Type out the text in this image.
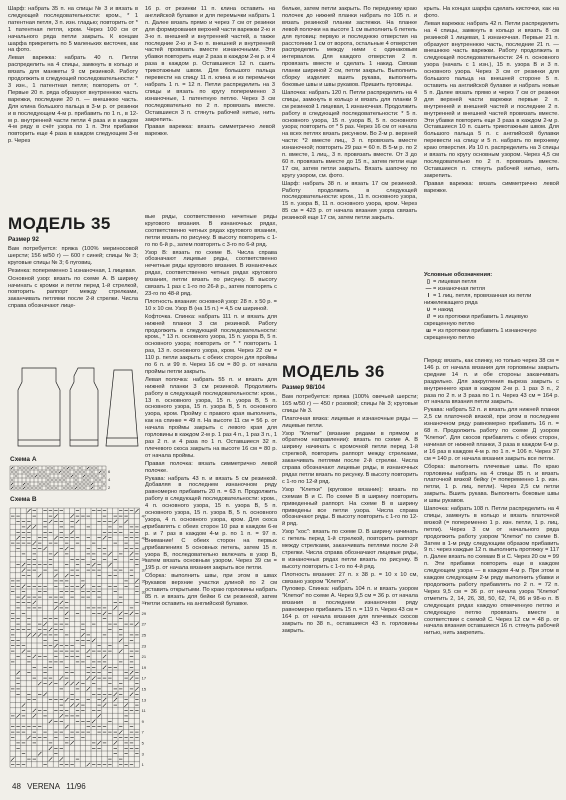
Шарф: набрать 35 п. на спицы № 3 и вязать в следующей последовательности: кром., * 1 патентная петля, 3 п. изн. гладью; повторить от * 1 патентная петля, кром. Через 100 см от начального ряда петли закрыть. К концам шарфа прикрепить по 5 маленьких кисточек, как на фото.

Левая варежка: набрать 40 п. Петли распределить на 4 спицы, замкнуть в кольцо и вязать для манжеты 9 см резинкой. Работу продолжить в следующей последовательности: * 3 изн., 1 патентная петля; повторить от *. Первые 20 п. ряда образуют внутреннюю часть варежки, последние 20 п. — внешнюю часть. Для клина большого пальца в 3-м р. от резинки и в последующем 4-м р. прибавить по 1 п., в 12-м р. внутренней части петли 4 раза и в каждом 4-м ряду в счёт узора по 1 п. Эти прибавки повторить еще 4 раза в каждом следующем 3-м р. Через

16 р. от резинки 11 п. клина оставить на английской булавке и для перемычки набрать 1 п. Далее вязать прямо и через 7 см от резинки для формирования верхней части варежки 2-ю и 3-ю п. внешней и внутренней частей, а также последние 2-ю и 3-ю п. внешней и внутренней частей провязать вместе изнаночными. Эти убавки повторить еще 2 раза в каждом 2-м р. и 4 раза в каждом р. Оставшиеся 12 п. сшить трикотажным швом. Для большого пальца перевести на спицу 11 п. клина и из перемычки набрать 1 п. = 12 п. Петли распределить на 3 спицы и вязать по кругу попеременно 3 изнаночные, 1 патентную петлю. Через 3 см последовательно по 2 п. провязать вместе. Оставшиеся 3 п. стянуть рабочей нитью, нить закрепить.

Правая варежка: вязать симметрично левой варежке.

бельке, затем петли закрыть. По переднему краю полочек до нижней планки набрать по 105 п. и вязать резинкой планки застежки. На планке левой полочки на высоте 1 см выполнить 6 петель для пуговиц: первую и последнюю отверстия на расстоянии 1 см от ворота, остальные 4 отверстия распределить между ними с одинаковым интервалом. Для каждого отверстия 2 п. провязать вместе и сделать 1 накид. Связав планки шириной 2 см, петли закрыть. Выполнить сборку изделия: вшить рукава, выполнить боковые швы и швы рукавов. Пришить пуговицы.

Шапочка: набрать 120 п. Петли распределить на 4 спицы, замкнуть в кольцо и вязать для планки 9 см резинкой 1 лицевая, 1 изнаночная. Продолжить работу в следующей последовательности: * 5 п. основного узора, 15 п. узора В, 5 п. основного узора; повторить от * 5 раз. Через 16 см от начала на всех петлях вязать рисунком. Во 2-м р. верхней части: *2 вместе лиц., 3 п. провязать вместе изнаночной; повторить 29 раз = 60 п. В 5-м р. по 2 п. вместе, 1 лиц., 3 п. провязать вместе. От 3 до 60 п. провязать вместе до 15 п., затем петли еще 17 см, затем петли закрыть. Вязать шапочку по кругу узором, см. фото.

Шарф: набрать 38 п. и вязать 17 см резинкой. Работу продолжить в следующей последовательности: кром., 11 п. основного узора, 15 п. узора В, 11 п. основного узора, кром. Через 85 см = 423 р. от начала вязания узора связать резинкой еще 17 см, затем петли закрыть.

крыть. На концах шарфа сделать кисточки, как на фото.

Левая варежка: набрать 42 п. Петли распределить на 4 спицы, замкнуть в кольцо и вязать 8 см резинкой 1 лицевая, 1 изнаночная. Первые 21 п. образуют внутреннюю часть, последние 21 п. — внешнюю часть варежки. Работу продолжить в следующей последовательности: 24 п. основного узора (начать с 1 изн.), 15 п. узора В и 3 п. основного узора. Через 3 см от резинки для большого пальца на внешней стороне 5 п. оставить на английской булавке и набрать новые 5 п. Далее вязать прямо и через 7 см от резинки для верхней части варежки первые 2 п. внутренней и внешней частей и последние 2 п. внутренней и внешней частей провязать вместе. Эти убавки повторить еще 3 раза в каждом 2-м р. Оставшиеся 10 п. сшить трикотажным швом. Для большого пальца 5 п. с английской булавки перевести на спицу и 5 п. набрать по верхнему краю отверстия. Из 10 п. распределить на 3 спицы и вязать по кругу основным узором. Через 4,5 см последовательно по 2 п. провязать вместе. Оставшиеся п. стянуть рабочей нитью, нить закрепить.

Правая варежка: вязать симметрично левой варежке.

Условные обозначения:
▯ = лицевая петля
— = изнаночная петля
I = 1 лиц. петля, провязанная из петли нижележащего ряда
∪ = накид
// = из протяжки прибавить 1 лицевую скрещенную петлю
ш = из протяжки прибавить 1 изнаночную скрещенную петлю
МОДЕЛЬ 35
Размер 92

Вам потребуется: пряжа (100% мериносовой шерсти; 156 м/50 г) — 600 г синей; спицы № 3; круговые спицы № 3; 6 пуговиц.

Резинка: попеременно 1 изнаночная, 1 лицевая.

Основной узор: вязать по схеме А. В ширину начинать с кромки и петли перед 1-й стрелкой, повторить раппорт между стрелками, заканчивать петлями после 2-й стрелки. Числа справа обозначают лице-

Схема А
2
4
6
Схема В
1
3
5
7
9
11
13
15
17
19
21
23
25
27
29
31
33
35
37
39
41
43
45
47

вые ряды, соответственно нечетные ряды кругового вязания. В изнаночных рядах, соответственно четных рядах кругового вязания, петли вязать по рисунку. В высоту повторить с 1-го по 6-й р., затем повторять с 3-го по 6-й ряд.

Узор В: вязать по схеме В. Числа справа обозначают лицевые ряды, соответственно нечетные ряды кругового вязания. В изнаночных рядах, соответственно четных рядах кругового вязания, петли вязать по рисунку. В высоту связать 1 раз с 1-го по 26-й р., затем повторять с 23-го по 48-й ряд.

Плотность вязания: основной узор: 28 п. x 50 р. = 10 x 10 см. Узор В (на 15 п.) = 4,5 см шириной.

Кофточка. Спинка: набрать 111 п. и вязать для нижней планки 3 см резинкой. Работу продолжить в следующей последовательности: кром., * 13 п. основного узора, 15 п. узора В, 5 п. основного узора; повторить от * * повторить 1 раз, 13 п. основного узора, кром. Через 22 см = 110 р. петли закрыть с обеих сторон для проймы по 6 п. и 99 п. Через 16 см = 80 р. от начала проймы петли закрыть.

Левая полочка: набрать 55 п. и вязать для нижней планки 3 см резинкой. Продолжить работу в следующей последовательности: кром., 13 п. основного узора, 15 п. узора В, 5 п. основного узора, 15 п. узора В, 5 п. основного узора, кром. Пройму с правого края выполнить, как на спинке = 49 п. На высоте 11 см = 56 р. от начала проймы закрыть с левого края для горловины в каждом 2-м р. 1 раз 4 п., 1 раз 3 п., 1 раз 2 п. и 4 раза по 1 п. Оставшиеся 32 п. плечевого скоса закрыть на высоте 16 см = 80 р. от начала проймы.

Правая полочка: вязать симметрично левой полочке.

Рукава: набрать 43 п. и вязать 5 см резинкой. Добавляя в последнем изнаночном ряду равномерно прибавить 20 п. = 63 п. Продолжить работу в следующей последовательности: кром., 4 п. основного узора, 15 п. узора В, 5 п. основного узора, 15 п. узора В, 5 п. основного узора, 4 п. основного узора, кром. Для скоса прибавлять с обеих сторон 10 раз в каждом 6-м р. и 7 раз в каждом 4-м р. по 1 п. = 97 п. Внимание! С обеих сторон на первых прибавлениях 5 основных петель, затем 15 п. узора В, последовательно включать в узор В, затем вязать основным узором. Через 39 см = 195 р. от начала вязания закрыть все петли.

Сборка: выполнить швы, при этом в швах рукавов верхние участки длиной по 2 см оставить открытыми. По краю горловины набрать 85 п. и вязать для бейки 6 см резинкой, затем петли оставить на английской булавке.

МОДЕЛЬ 36
Размер 98/104

Вам потребуется: пряжа (100% овечьей шерсти; 165 м/50 г) — 450 г розовой; спицы № 3; круговые спицы № 3.

Платочная вязка: лицевые и изнаночные ряды — лицевые петли.

Узор "Клетки" (вязание рядами в прямом и обратном направлении): вязать по схеме А. В ширину начинать с кромочной петли перед 1-й стрелкой, повторить раппорт между стрелками, заканчивать петлями после 2-й стрелки. Числа справа обозначают лицевые ряды, в изнаночных рядах петли вязать по рисунку. В высоту повторить с 1-го по 12-й ряд.

Узор "Клетки" (круговое вязание): вязать по схемам В и С. По схеме В в ширину повторить приведенный раппорт. На схеме В в ширину приведены все петли узора. Числа справа обозначают ряды. В высоту повторить с 1-го по 12-й ряд.

Узор "кос": вязать по схеме D. В ширину начинать с петель перед 1-й стрелкой, повторить раппорт между стрелками, заканчивать петлями после 2-й стрелки. Числа справа обозначают лицевые ряды, в изнаночных рядах петли вязать по рисунку. В высоту повторить с 1-го по 4-й ряд.

Плотность вязания: 27 п. x 38 р. = 10 x 10 см, связано узором "Клетки".

Пуловер. Спинка: набрать 104 п. и вязать узором "Клетки" по схеме А. Через 9,5 см = 36 р. от начала вязания в последнем изнаночном ряду равномерно прибавить 15 п. = 119 п. Через 43 см = 164 р. от начала вязания для плечевых скосов закрыть по 38 п., оставшиеся 43 п. горловины закрыть.

Перед: вязать, как спинку, но только через 38 см = 146 р. от начала вязания для горловины закрыть средние 14 п. и обе стороны заканчивать раздельно. Для закругления выреза закрыть с внутреннего края в каждом 2-м р. 1 раз 3 п., 2 раза по 2 п. и 3 раза по 1 п. Через 43 см = 164 р. от начала вязания петли закрыть.

Рукава: набрать 52 п. и вязать для нижней планки 2,5 см платочной вязкой, при этом в последнем изнаночном ряду равномерно прибавить 16 п. = 68 п. Продолжить работу по схеме Д узором "Клетки". Для скосов прибавлять с обеих сторон, начиная от нижней планки, 3 раза в каждом 6-м р. и 16 раз в каждом 4-м р. по 1 п. = 106 п. Через 37 см = 140 р. от начала вязания закрыть все петли.

Сборка: выполнить плечевые швы. По краю горловины набрать на 4 спицы 85 п. и вязать платочной вязкой бейку (= попеременно 1 р. изн. петли, 1 р. лиц. петли). Через 2,5 см петли закрыть. Вшить рукава. Выполнить боковые швы и швы рукавов.

Шапочка: набрать 108 п. Петли распределить на 4 спицы, замкнуть в кольцо и вязать платочной вязкой (= попеременно 1 р. изн. петли, 1 р. лиц. петли). Через 3 см от начального ряда продолжить работу узором "Клетки" по схеме В. Затем в 1-м ряду следующим образом прибавить 9 п.: через каждые 12 п. выполнить протяжку = 117 п. Далее вязать по схемам В и С. Через 20 см = 99 п. Эти прибавки повторить еще в каждом следующем узора — в каждом 4-м р. При этом в каждом следующем 2-м ряду выполнить убавки и продолжить работу прибавлять по 2 п. = 72 п. Через 9,5 см = 36 р. от начала узора "Клетки" отметить 2, 14, 26, 38, 50, 62, 74, 86 и 98-ю п. В следующих рядах каждую отмеченную петлю и следующую петлю провязать вместе в соответствии с схемой С. Через 12 см = 48 р. от начала вязания оставшиеся 16 п. стянуть рабочей нитью, нить закрепить.

48 VERENA 11/96
